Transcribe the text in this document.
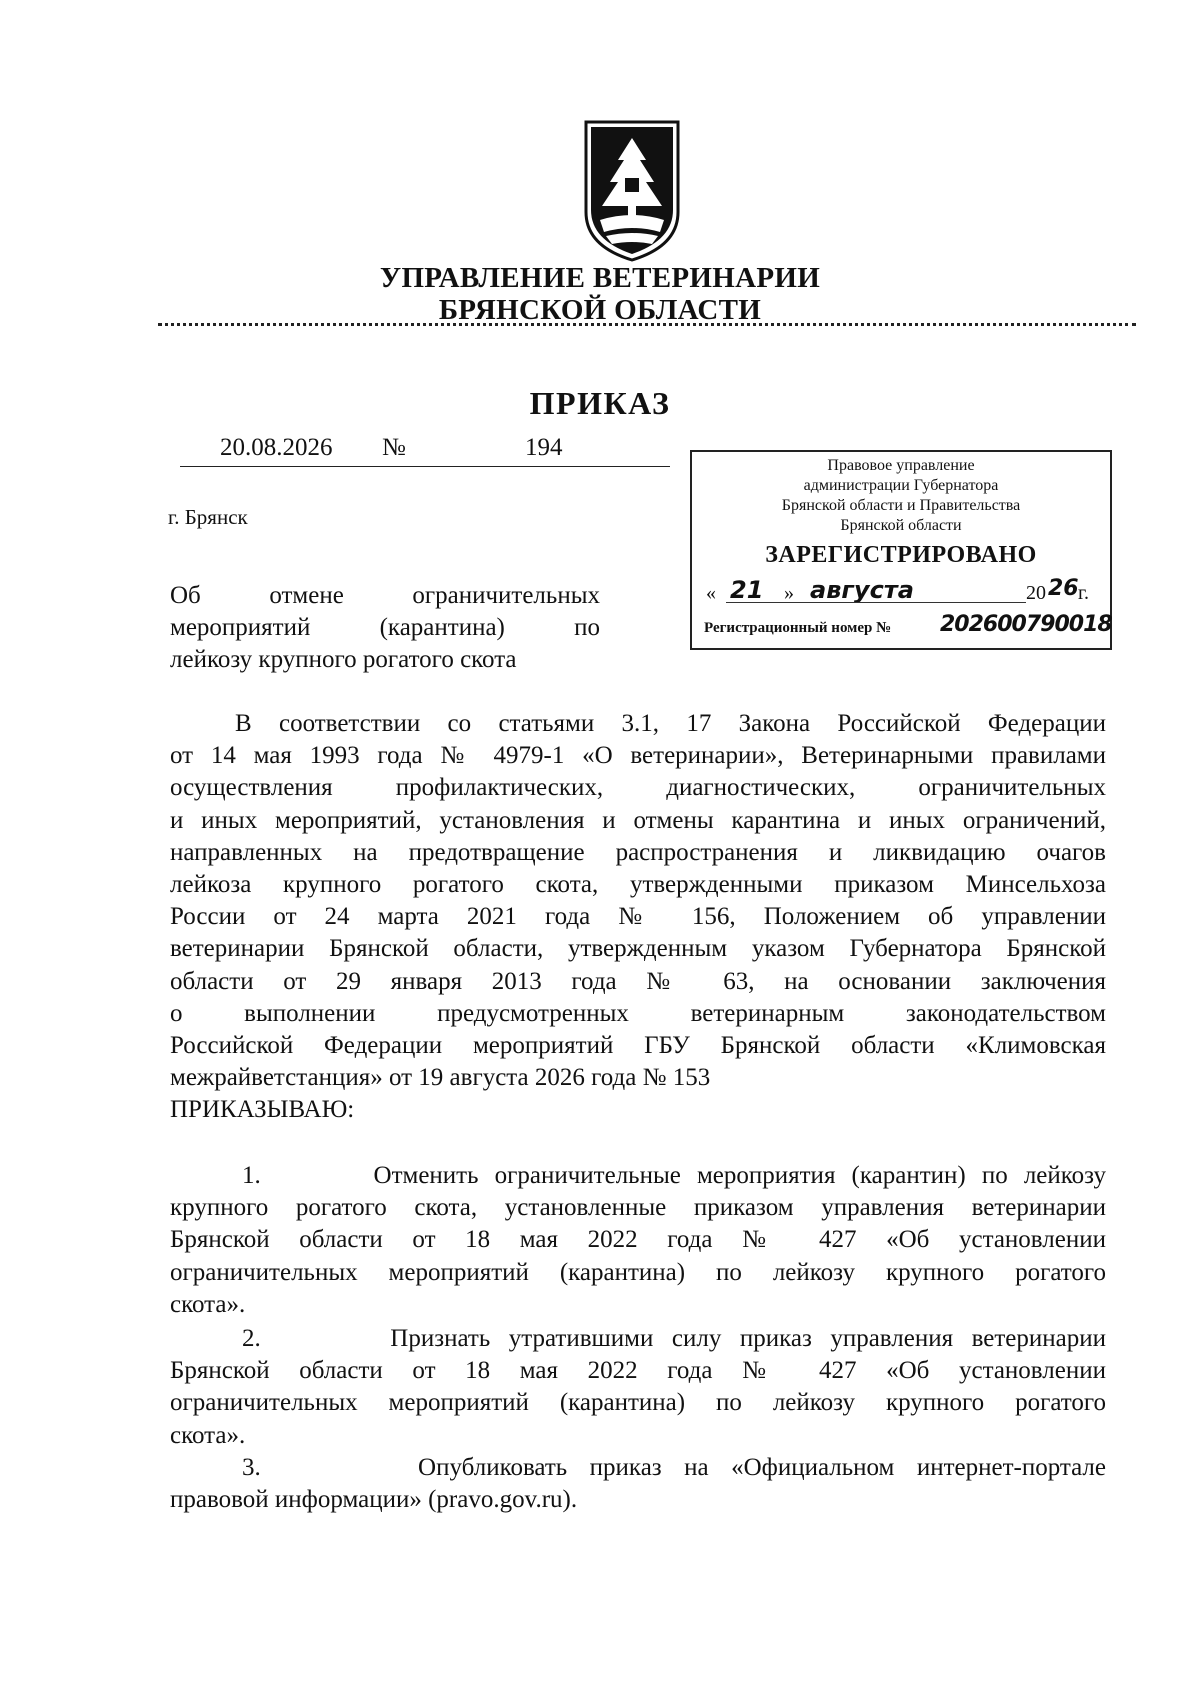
УПРАВЛЕНИЕ ВЕТЕРИНАРИИ
БРЯНСКОЙ ОБЛАСТИ
ПРИКАЗ
20.08.2026 №	194
г. Брянск
Об отмене ограничительных
мероприятий (карантина) по
лейкозу крупного рогатого скота
Правовое управление
администрации Губернатора
Брянской области и Правительства
Брянской области
ЗАРЕГИСТРИРОВАНО
« 21 » августа	20 26 г.
Регистрационный номер № 202600790018
В соответствии со статьями 3.1, 17 Закона Российской Федерации
от 14 мая 1993 года № 4979-1 «О ветеринарии», Ветеринарными правилами
осуществления профилактических, диагностических, ограничительных
и иных мероприятий, установления и отмены карантина и иных ограничений,
направленных на предотвращение распространения и ликвидацию очагов
лейкоза крупного рогатого скота, утвержденными приказом Минсельхоза
России от 24 марта 2021 года № 156, Положением об управлении
ветеринарии Брянской области, утвержденным указом Губернатора Брянской
области от 29 января 2013 года № 63, на основании заключения
о выполнении предусмотренных ветеринарным законодательством
Российской Федерации мероприятий ГБУ Брянской области «Климовская
межрайветстанция» от 19 августа 2026 года № 153
ПРИКАЗЫВАЮ:
1.	Отменить ограничительные мероприятия (карантин) по лейкозу
крупного рогатого скота, установленные приказом управления ветеринарии
Брянской области от 18 мая 2022 года № 427 «Об установлении
ограничительных мероприятий (карантина) по лейкозу крупного рогатого
скота».
2.	Признать утратившими силу приказ управления ветеринарии
Брянской области от 18 мая 2022 года № 427 «Об установлении
ограничительных мероприятий (карантина) по лейкозу крупного рогатого
скота».
3.	Опубликовать приказ на «Официальном интернет-портале
правовой информации» (pravo.gov.ru).
